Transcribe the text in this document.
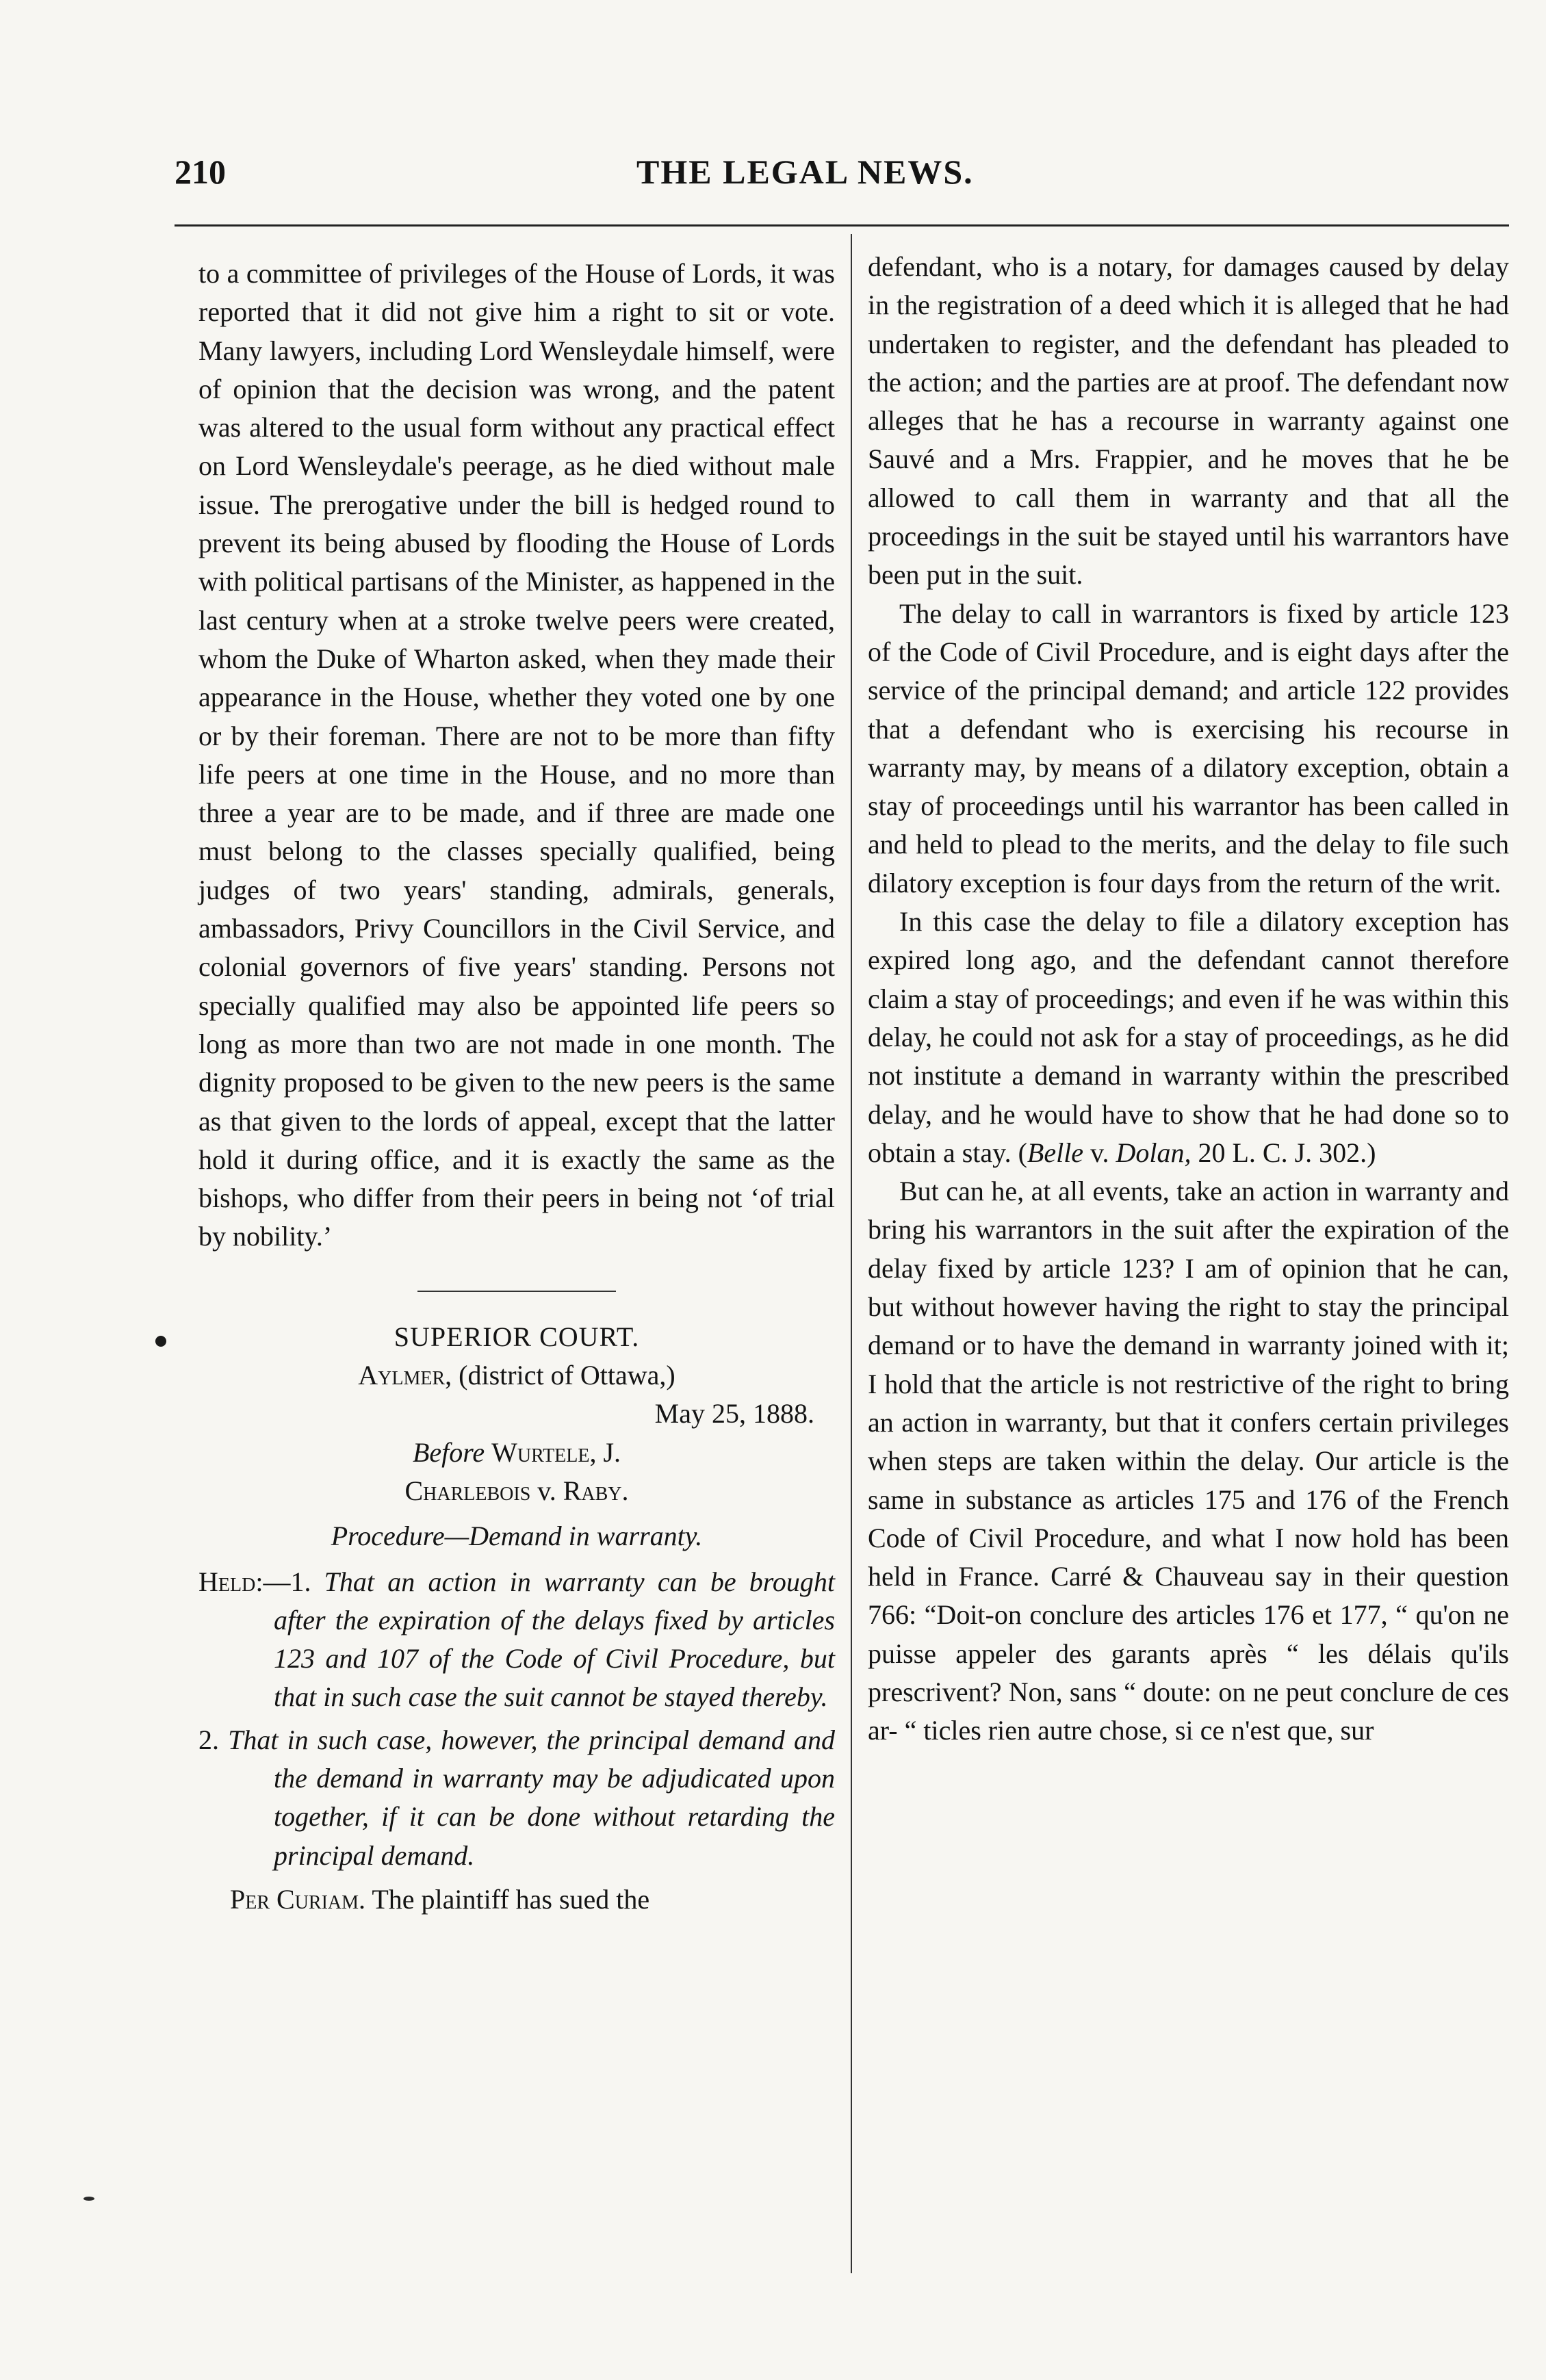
210	THE LEGAL NEWS.

to a committee of privileges of the House of Lords, it was reported that it did not give him a right to sit or vote. Many lawyers, including Lord Wensleydale himself, were of opinion that the decision was wrong, and the patent was altered to the usual form without any practical effect on Lord Wensleydale's peerage, as he died without male issue. The prerogative under the bill is hedged round to prevent its being abused by flooding the House of Lords with political partisans of the Minister, as happened in the last century when at a stroke twelve peers were created, whom the Duke of Wharton asked, when they made their appearance in the House, whether they voted one by one or by their foreman. There are not to be more than fifty life peers at one time in the House, and no more than three a year are to be made, and if three are made one must belong to the classes specially qualified, being judges of two years' standing, admirals, generals, ambassadors, Privy Councillors in the Civil Service, and colonial governors of five years' standing. Persons not specially qualified may also be appointed life peers so long as more than two are not made in one month. The dignity proposed to be given to the new peers is the same as that given to the lords of appeal, except that the latter hold it during office, and it is exactly the same as the bishops, who differ from their peers in being not ‘of trial by nobility.’

SUPERIOR COURT.

Aylmer, (district of Ottawa,)

May 25, 1888.

Before Wurtele, J.

Charlebois v. Raby.

Procedure—Demand in warranty.

Held:—1. That an action in warranty can be brought after the expiration of the delays fixed by articles 123 and 107 of the Code of Civil Procedure, but that in such case the suit cannot be stayed thereby.

2. That in such case, however, the principal demand and the demand in warranty may be adjudicated upon together, if it can be done without retarding the principal demand.

Per Curiam. The plaintiff has sued the

defendant, who is a notary, for damages caused by delay in the registration of a deed which it is alleged that he had undertaken to register, and the defendant has pleaded to the action; and the parties are at proof. The defendant now alleges that he has a recourse in warranty against one Sauvé and a Mrs. Frappier, and he moves that he be allowed to call them in warranty and that all the proceedings in the suit be stayed until his warrantors have been put in the suit.

The delay to call in warrantors is fixed by article 123 of the Code of Civil Procedure, and is eight days after the service of the principal demand; and article 122 provides that a defendant who is exercising his recourse in warranty may, by means of a dilatory exception, obtain a stay of proceedings until his warrantor has been called in and held to plead to the merits, and the delay to file such dilatory exception is four days from the return of the writ.

In this case the delay to file a dilatory exception has expired long ago, and the defendant cannot therefore claim a stay of proceedings; and even if he was within this delay, he could not ask for a stay of proceedings, as he did not institute a demand in warranty within the prescribed delay, and he would have to show that he had done so to obtain a stay. (Belle v. Dolan, 20 L. C. J. 302.)

But can he, at all events, take an action in warranty and bring his warrantors in the suit after the expiration of the delay fixed by article 123? I am of opinion that he can, but without however having the right to stay the principal demand or to have the demand in warranty joined with it; I hold that the article is not restrictive of the right to bring an action in warranty, but that it confers certain privileges when steps are taken within the delay. Our article is the same in substance as articles 175 and 176 of the French Code of Civil Procedure, and what I now hold has been held in France. Carré & Chauveau say in their question 766: “Doit-on conclure des articles 176 et 177, “ qu'on ne puisse appeler des garants après “ les délais qu'ils prescrivent? Non, sans “ doute: on ne peut conclure de ces ar- “ ticles rien autre chose, si ce n'est que, sur
